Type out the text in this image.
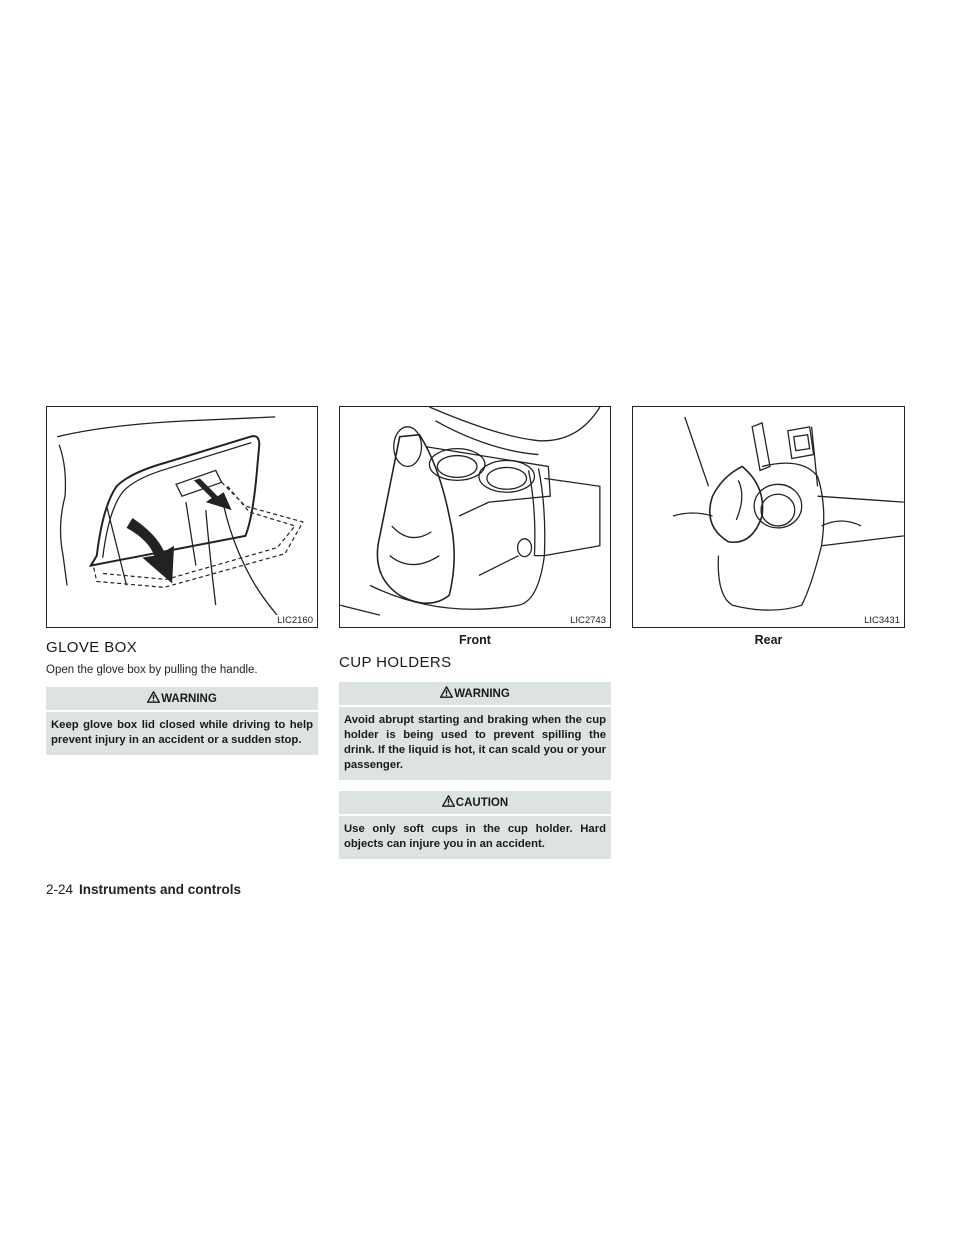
LIC2160
GLOVE BOX

Open the glove box by pulling the handle.

WARNING
Keep glove box lid closed while driving to help prevent injury in an accident or a sudden stop.
LIC2743
Front
CUP HOLDERS
WARNING
Avoid abrupt starting and braking when the cup holder is being used to prevent spilling the drink. If the liquid is hot, it can scald you or your passenger.
CAUTION
Use only soft cups in the cup holder. Hard objects can injure you in an accident.
LIC3431
Rear
2-24 Instruments and controls
